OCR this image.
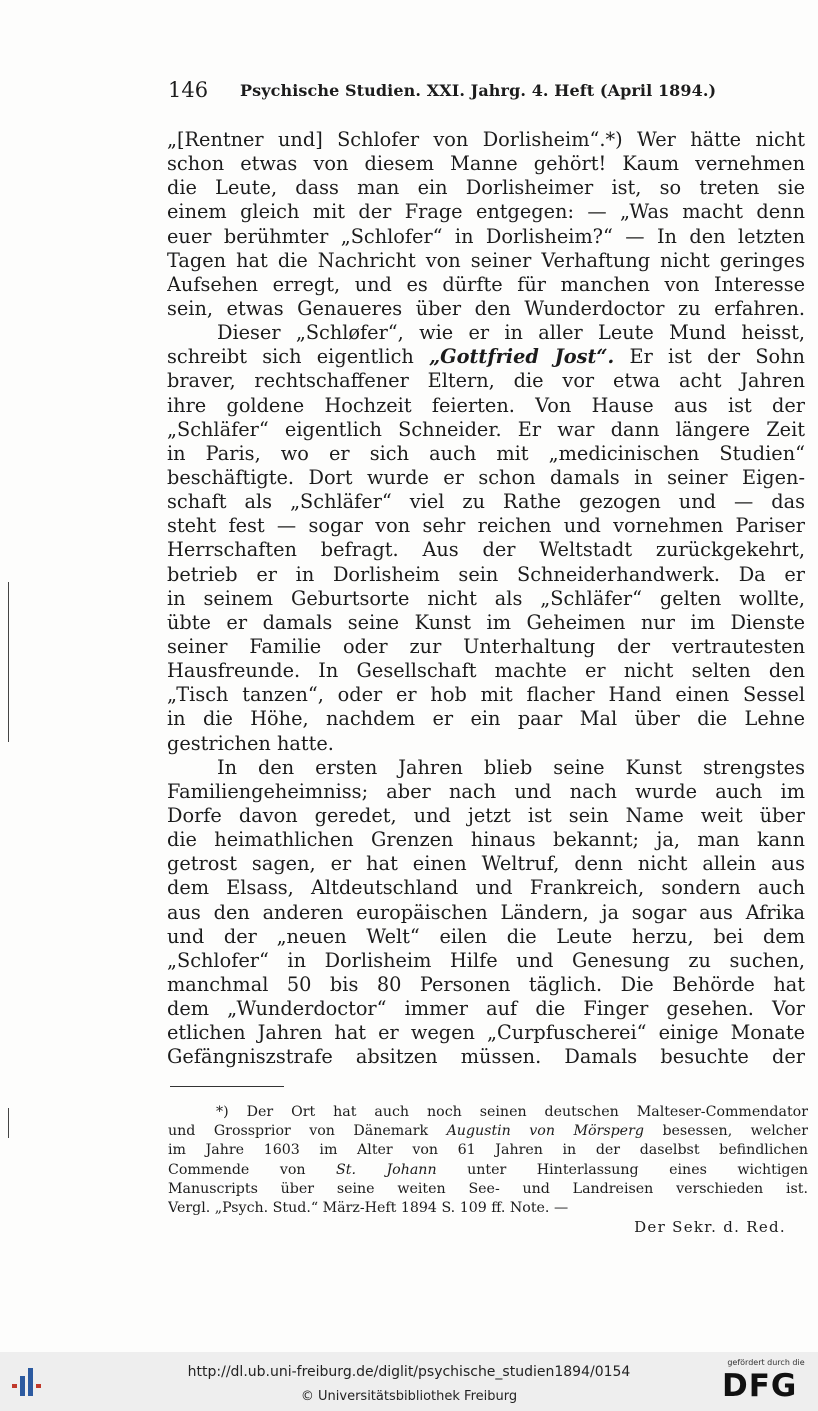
146 Psychische Studien. XXI. Jahrg. 4. Heft (April 1894.)
„[Rentner und] Schlofer von Dorlisheim“.*) Wer hätte nicht
schon etwas von diesem Manne gehört! Kaum vernehmen
die Leute, dass man ein Dorlisheimer ist, so treten sie
einem gleich mit der Frage entgegen: — „Was macht denn
euer berühmter „Schlofer“ in Dorlisheim?“ — In den letzten
Tagen hat die Nachricht von seiner Verhaftung nicht geringes
Aufsehen erregt, und es dürfte für manchen von Interesse
sein, etwas Genaueres über den Wunderdoctor zu erfahren.
Dieser „Schløfer“, wie er in aller Leute Mund heisst,
schreibt sich eigentlich „Gottfried Jost“. Er ist der Sohn
braver, rechtschaffener Eltern, die vor etwa acht Jahren
ihre goldene Hochzeit feierten. Von Hause aus ist der
„Schläfer“ eigentlich Schneider. Er war dann längere Zeit
in Paris, wo er sich auch mit „medicinischen Studien“
beschäftigte. Dort wurde er schon damals in seiner Eigen-
schaft als „Schläfer“ viel zu Rathe gezogen und — das
steht fest — sogar von sehr reichen und vornehmen Pariser
Herrschaften befragt. Aus der Weltstadt zurückgekehrt,
betrieb er in Dorlisheim sein Schneiderhandwerk. Da er
in seinem Geburtsorte nicht als „Schläfer“ gelten wollte,
übte er damals seine Kunst im Geheimen nur im Dienste
seiner Familie oder zur Unterhaltung der vertrautesten
Hausfreunde. In Gesellschaft machte er nicht selten den
„Tisch tanzen“, oder er hob mit flacher Hand einen Sessel
in die Höhe, nachdem er ein paar Mal über die Lehne
gestrichen hatte.
In den ersten Jahren blieb seine Kunst strengstes
Familiengeheimniss; aber nach und nach wurde auch im
Dorfe davon geredet, und jetzt ist sein Name weit über
die heimathlichen Grenzen hinaus bekannt; ja, man kann
getrost sagen, er hat einen Weltruf, denn nicht allein aus
dem Elsass, Altdeutschland und Frankreich, sondern auch
aus den anderen europäischen Ländern, ja sogar aus Afrika
und der „neuen Welt“ eilen die Leute herzu, bei dem
„Schlofer“ in Dorlisheim Hilfe und Genesung zu suchen,
manchmal 50 bis 80 Personen täglich. Die Behörde hat
dem „Wunderdoctor“ immer auf die Finger gesehen. Vor
etlichen Jahren hat er wegen „Curpfuscherei“ einige Monate
Gefängniszstrafe absitzen müssen. Damals besuchte der
*) Der Ort hat auch noch seinen deutschen Malteser-Commendator
und Grossprior von Dänemark Augustin von Mörsperg besessen, welcher
im Jahre 1603 im Alter von 61 Jahren in der daselbst befindlichen
Commende von St. Johann unter Hinterlassung eines wichtigen
Manuscripts über seine weiten See- und Landreisen verschieden ist.
Vergl. „Psych. Stud.“ März-Heft 1894 S. 109 ff. Note. —
Der Sekr. d. Red.
http://dl.ub.uni-freiburg.de/diglit/psychische_studien1894/0154
© Universitätsbibliothek Freiburg
gefördert durch die
DFG
